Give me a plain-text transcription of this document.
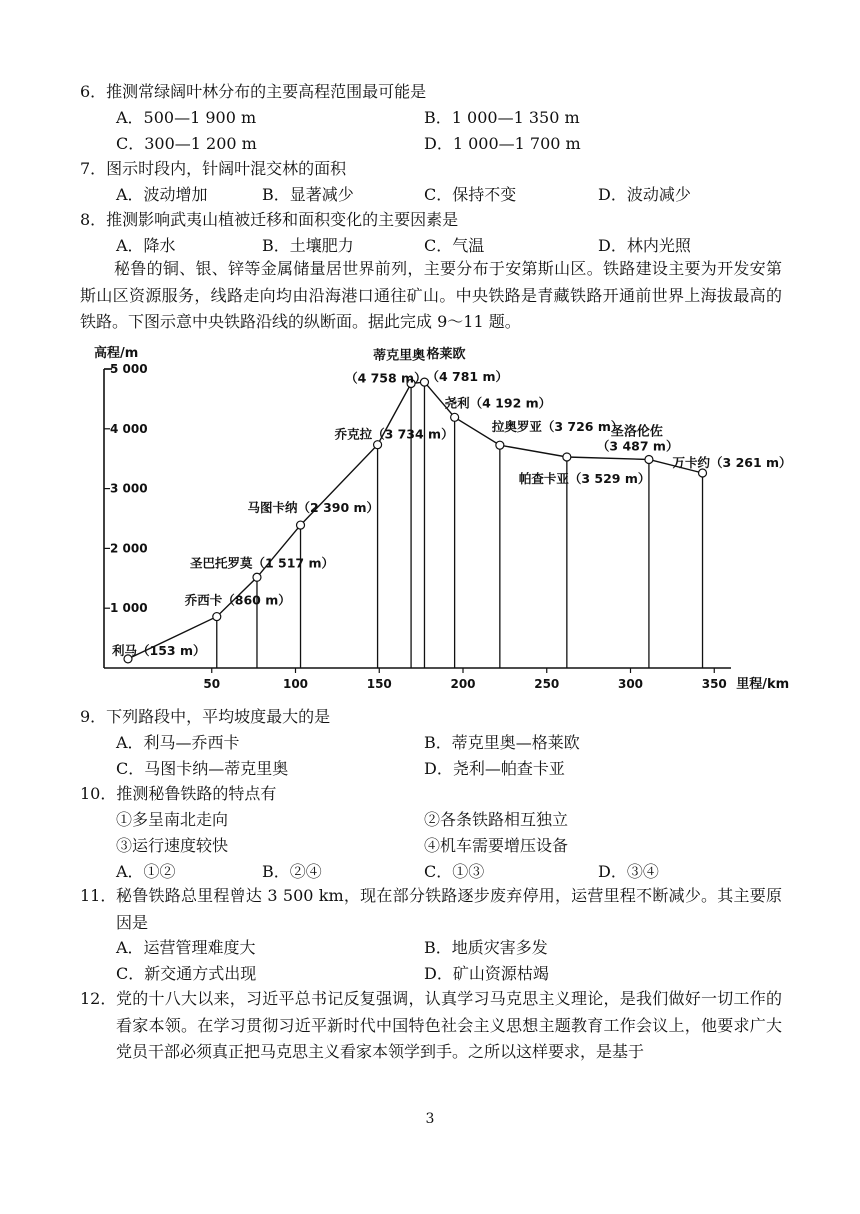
6．推测常绿阔叶林分布的主要高程范围最可能是
A．500—1 900 m	B．1 000—1 350 m
C．300—1 200 m	D．1 000—1 700 m
7．图示时段内，针阔叶混交林的面积
A．波动增加	B．显著减少	C．保持不变	D．波动减少
8．推测影响武夷山植被迁移和面积变化的主要因素是
A．降水	B．土壤肥力	C．气温	D．林内光照
秘鲁的铜、银、锌等金属储量居世界前列，主要分布于安第斯山区。铁路建设主要为开发安第斯山区资源服务，线路走向均由沿海港口通往矿山。中央铁路是青藏铁路开通前世界上海拔最高的铁路。下图示意中央铁路沿线的纵断面。据此完成 9～11 题。
1 000
2 000
3 000
4 000
5 000
高程/m
50	100	150	200	250	300	350 里程/km
利马（153 m）
乔西卡（860 m）
圣巴托罗莫（1 517 m）
马图卡纳（2 390 m）
乔克拉（3 734 m）
（4 758 m） （4 781 m）
尧利（4 192 m）
拉奥罗亚（3 726 m）
帕查卡亚（3 529 m）
（3 487 m）
万卡约（3 261 m）
蒂克里奥 格莱欧
圣洛伦佐
9．下列路段中，平均坡度最大的是
A．利马—乔西卡	B．蒂克里奥—格莱欧
C．马图卡纳—蒂克里奥	D．尧利—帕查卡亚
10．推测秘鲁铁路的特点有
①多呈南北走向	②各条铁路相互独立
③运行速度较快	④机车需要增压设备
A．①②	B．②④	C．①③	D．③④
11． 秘鲁铁路总里程曾达 3 500 km，现在部分铁路逐步废弃停用，运营里程不断减少。其主要原因是
A．运营管理难度大	B．地质灾害多发
C．新交通方式出现	D．矿山资源枯竭
12． 党的十八大以来，习近平总书记反复强调，认真学习马克思主义理论，是我们做好一切工作的看家本领。在学习贯彻习近平新时代中国特色社会主义思想主题教育工作会议上，他要求广大党员干部必须真正把马克思主义看家本领学到手。之所以这样要求，是基于
3
